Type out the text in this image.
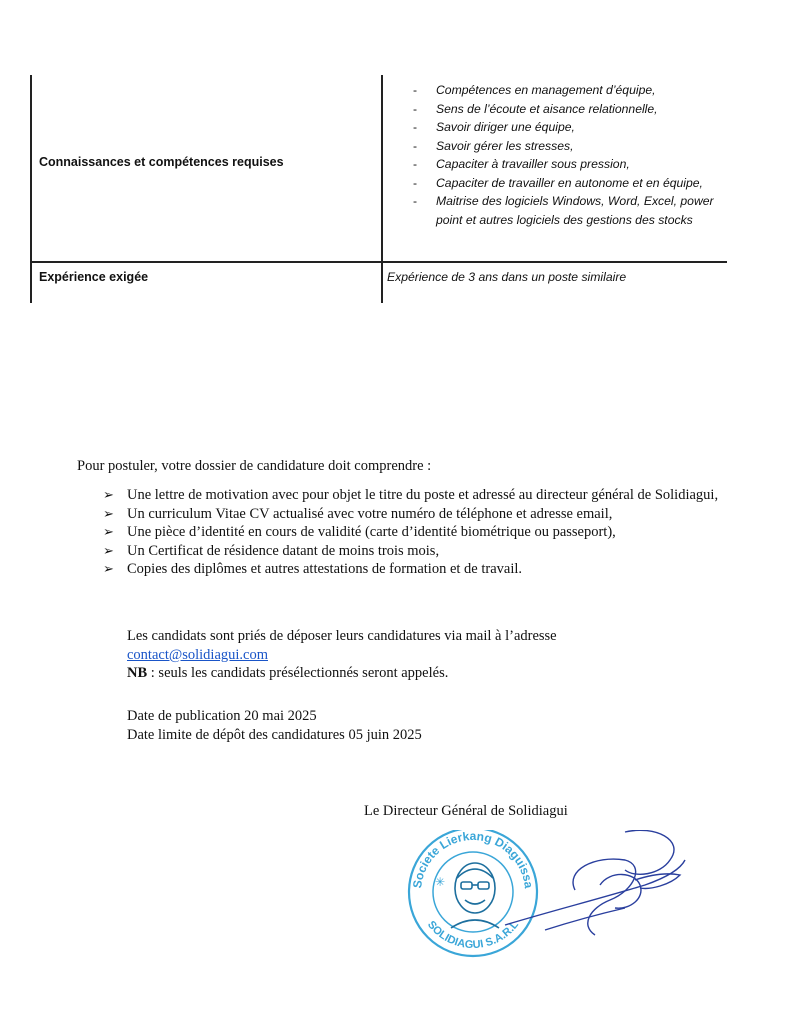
Connaissances et compétences requises
- Compétences en management d’équipe,
- Sens de l’écoute et aisance relationnelle,
- Savoir diriger une équipe,
- Savoir gérer les stresses,
- Capaciter à travailler sous pression,
- Capaciter de travailler en autonome et en équipe,
- Maitrise des logiciels Windows, Word, Excel, power point et autres logiciels des gestions des stocks
Expérience exigée	Expérience de 3 ans dans un poste similaire
Pour postuler, votre dossier de candidature doit comprendre :
➢ Une lettre de motivation avec pour objet le titre du poste et adressé au directeur général de Solidiagui,
➢ Un curriculum Vitae CV actualisé avec votre numéro de téléphone et adresse email,
➢ Une pièce d’identité en cours de validité (carte d’identité biométrique ou passeport),
➢ Un Certificat de résidence datant de moins trois mois,
➢ Copies des diplômes et autres attestations de formation et de travail.
Les candidats sont priés de déposer leurs candidatures via mail à l’adresse
contact@solidiagui.com
NB : seuls les candidats présélectionnés seront appelés.
Date de publication 20 mai 2025
Date limite de dépôt des candidatures 05 juin 2025
Le Directeur Général de Solidiagui
Societe Lierkang Diaguissa
SOLIDIAGUI S.A.R.L
✳
